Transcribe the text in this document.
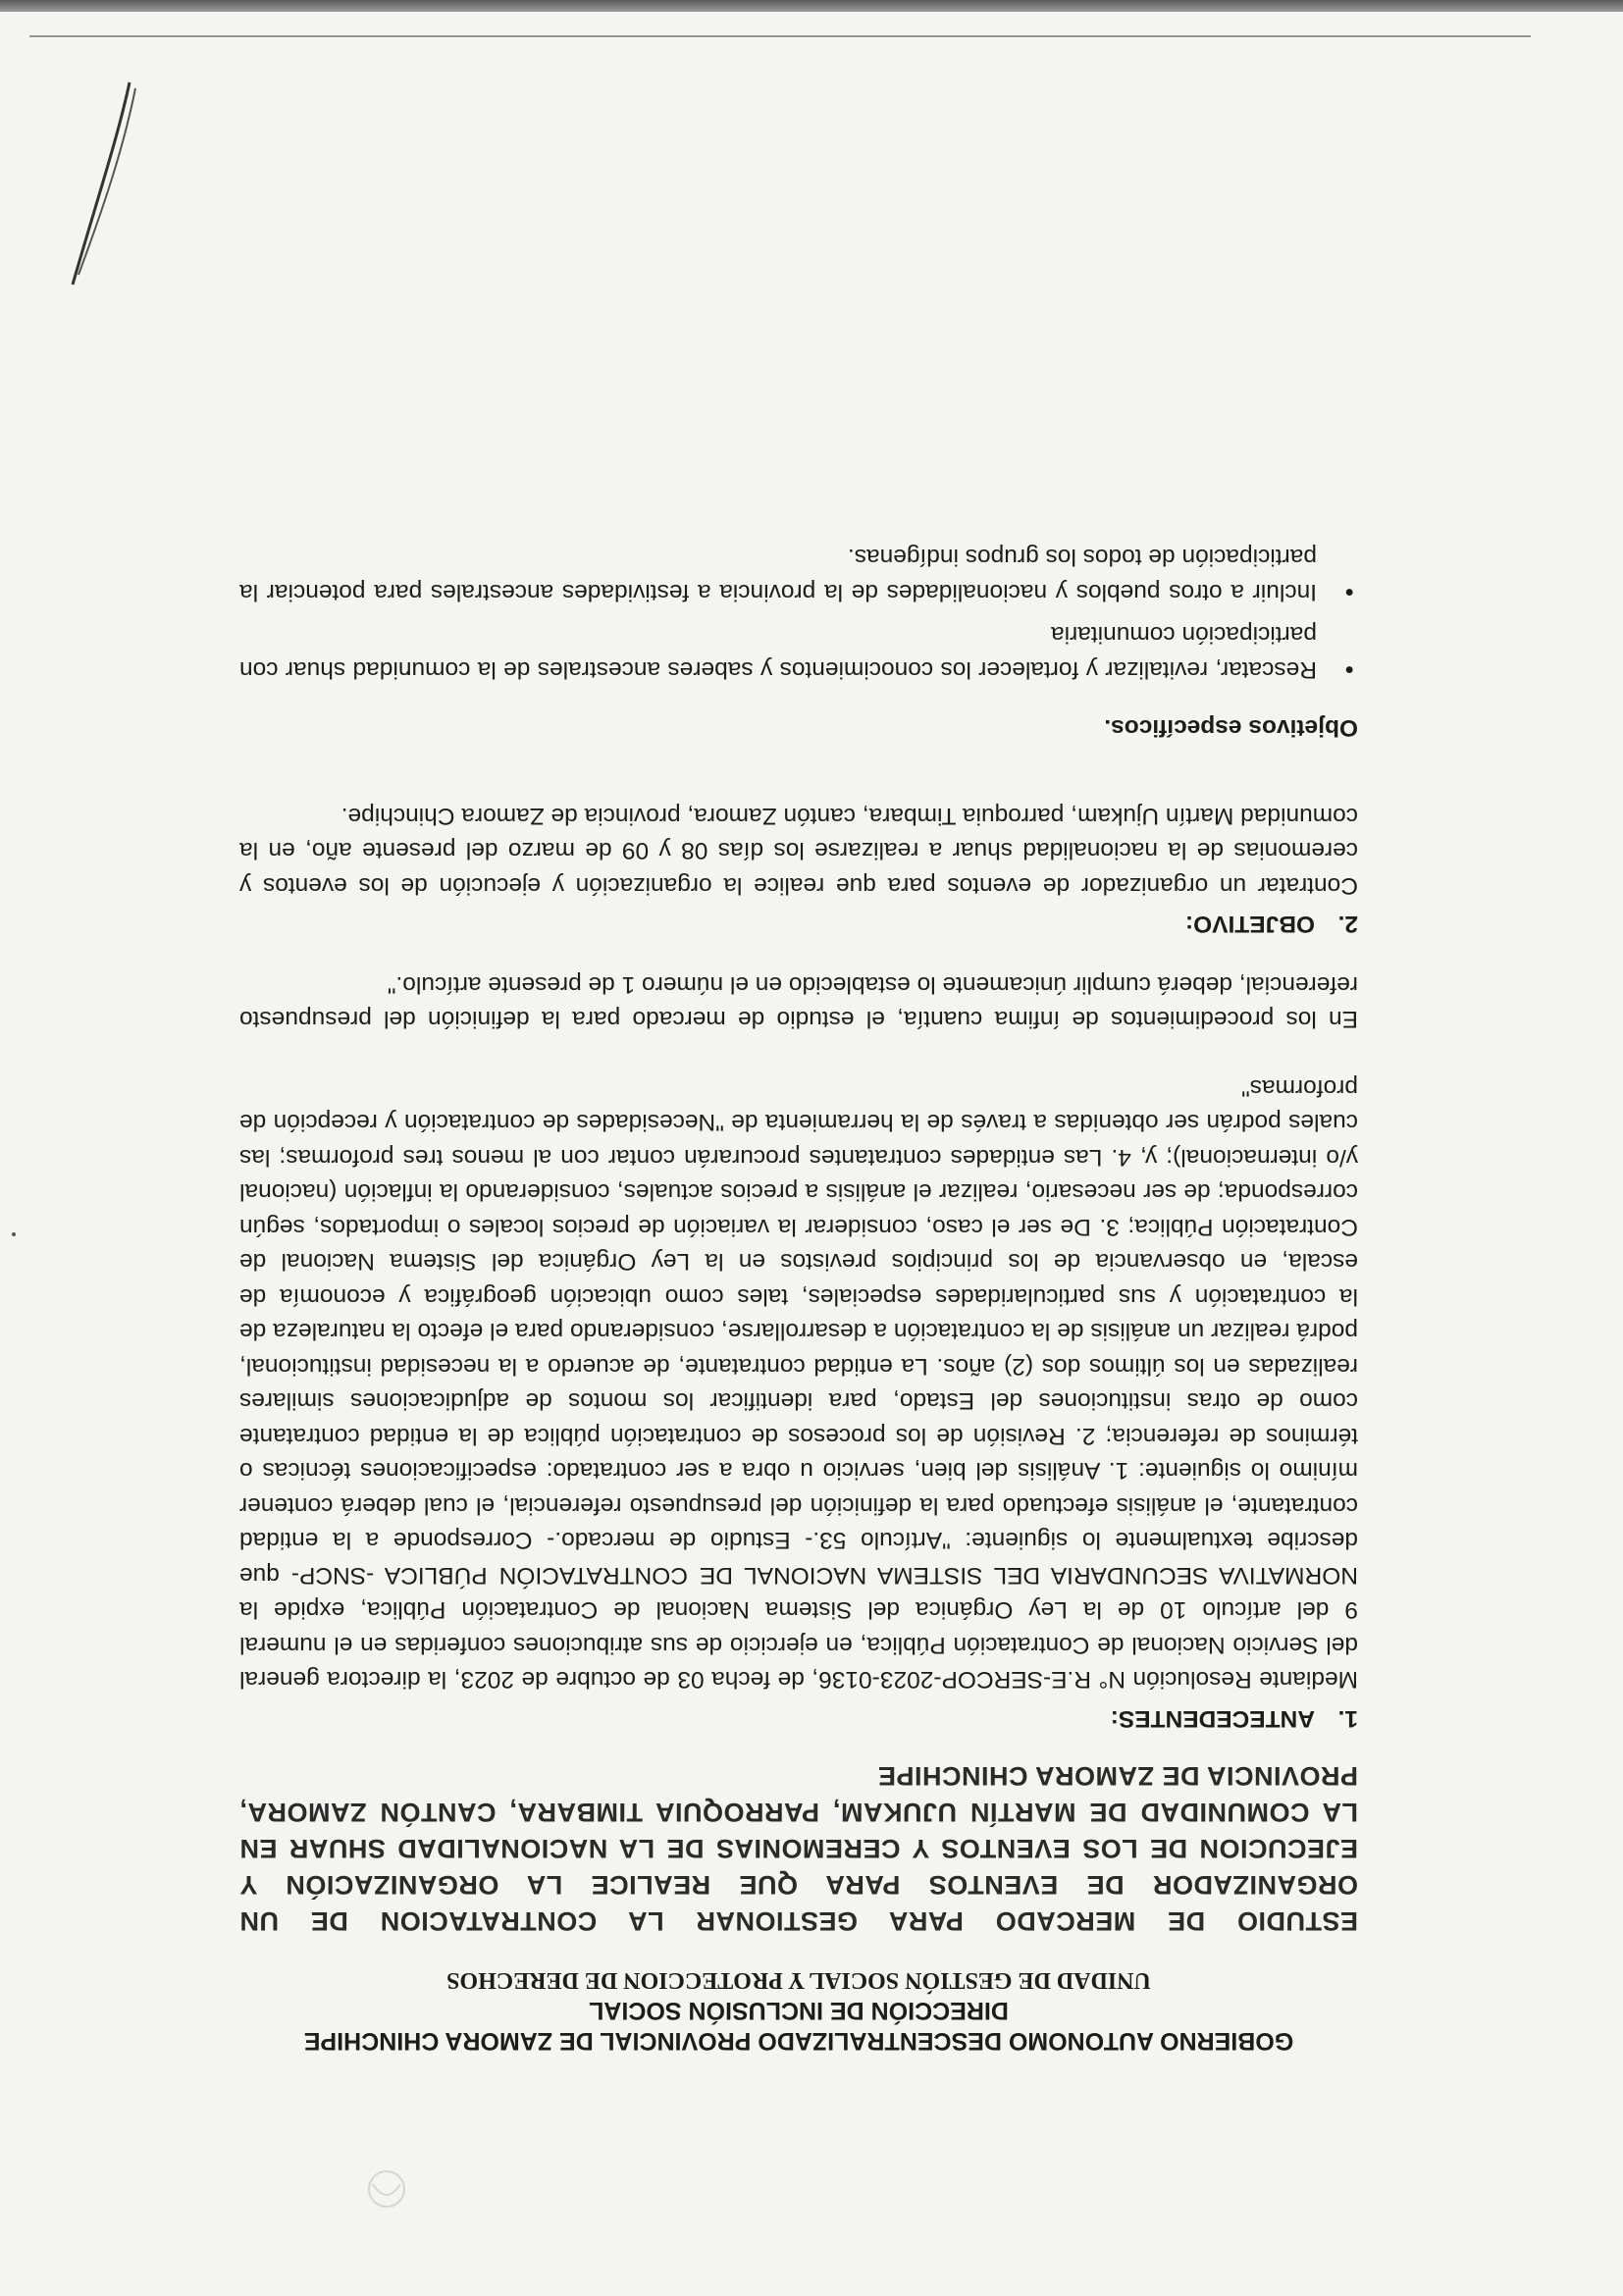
GOBIERNO AUTONOMO DESCENTRALIZADO PROVINCIAL DE ZAMORA CHINCHIPE
DIRECCIÓN DE INCLUSIÓN SOCIAL
UNIDAD DE GESTIÓN SOCIAL Y PROTECCION DE DERECHOS
ESTUDIO DE MERCADO PARA GESTIONAR LA CONTRATACION DE UN ORGANIZADOR DE EVENTOS PARA QUE REALICE LA ORGANIZACIÓN Y EJECUCION DE LOS EVENTOS Y CEREMONIAS DE LA NACIONALIDAD SHUAR EN LA COMUNIDAD DE MARTÍN UJUKAM, PARROQUIA TIMBARA, CANTÓN ZAMORA, PROVINCIA DE ZAMORA CHINCHIPE
1.ANTECEDENTES:

Mediante Resolución N° R.E-SERCOP-2023-0136, de fecha 03 de octubre de 2023, la directora general del Servicio Nacional de Contratación Pública, en ejercicio de sus atribuciones conferidas en el numeral 9 del artículo 10 de la Ley Orgánica del Sistema Nacional de Contratación Pública, expide la NORMATIVA SECUNDARIA DEL SISTEMA NACIONAL DE CONTRATACIÓN PÚBLICA -SNCP- que describe textualmente lo siguiente: "Artículo 53.- Estudio de mercado.- Corresponde a la entidad contratante, el análisis efectuado para la definición del presupuesto referencial, el cual deberá contener mínimo lo siguiente: 1. Análisis del bien, servicio u obra a ser contratado: especificaciones técnicas o términos de referencia; 2. Revisión de los procesos de contratación pública de la entidad contratante como de otras instituciones del Estado, para identificar los montos de adjudicaciones similares realizadas en los últimos dos (2) años. La entidad contratante, de acuerdo a la necesidad institucional, podrá realizar un análisis de la contratación a desarrollarse, considerando para el efecto la naturaleza de la contratación y sus particularidades especiales, tales como ubicación geográfica y economía de escala, en observancia de los principios previstos en la Ley Orgánica del Sistema Nacional de Contratación Pública; 3. De ser el caso, considerar la variación de precios locales o importados, según corresponda; de ser necesario, realizar el análisis a precios actuales, considerando la inflación (nacional y/o internacional); y, 4. Las entidades contratantes procurarán contar con al menos tres proformas; las cuales podrán ser obtenidas a través de la herramienta de "Necesidades de contratación y recepción de proformas"

En los procedimientos de ínfima cuantía, el estudio de mercado para la definición del presupuesto referencial, deberá cumplir únicamente lo establecido en el número 1 de presente artículo."

2.OBJETIVO:

Contratar un organizador de eventos para que realice la organización y ejecución de los eventos y ceremonias de la nacionalidad shuar a realizarse los días 08 y 09 de marzo del presente año, en la comunidad Martín Ujukam, parroquia Timbara, cantón Zamora, provincia de Zamora Chinchipe.

Objetivos específicos.
● Rescatar, revitalizar y fortalecer los conocimientos y saberes ancestrales de la comunidad shuar con participación comunitaria
● Incluir a otros pueblos y nacionalidades de la provincia a festividades ancestrales para potenciar la participación de todos los grupos indígenas.
